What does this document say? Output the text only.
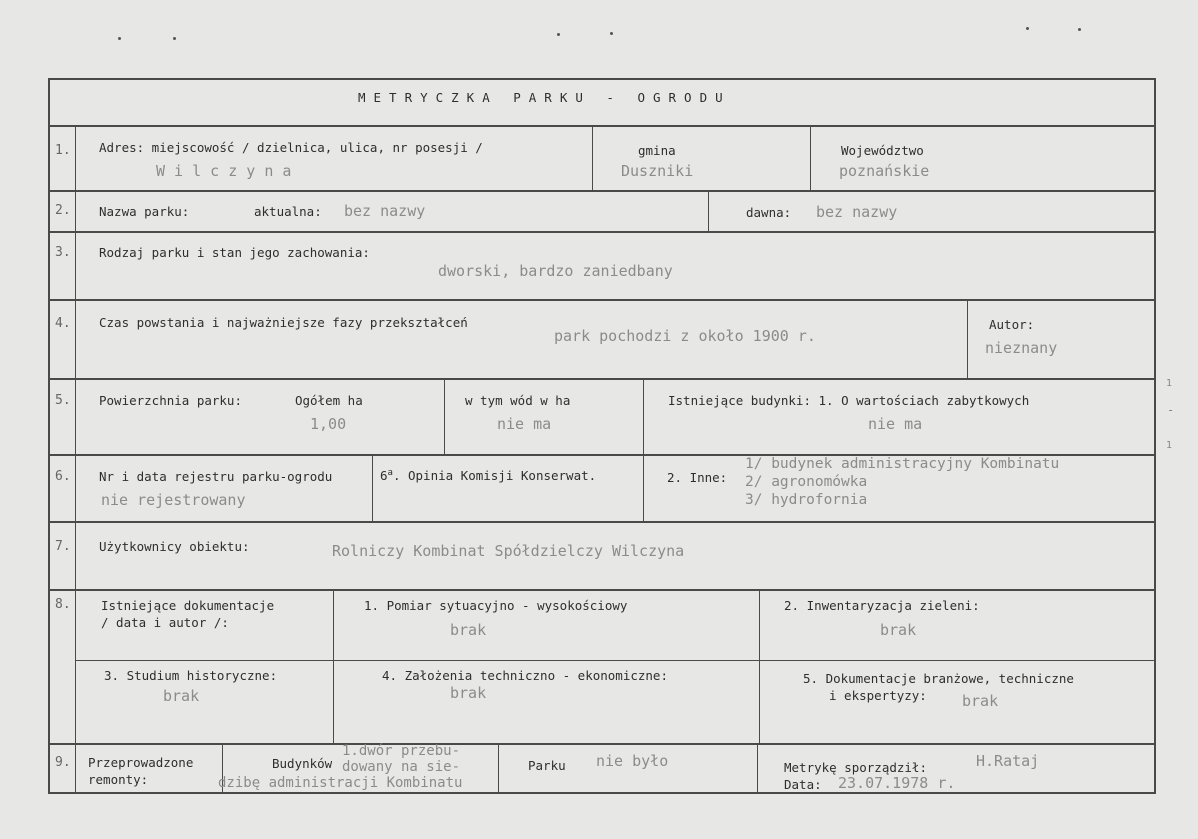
METRYCZKA PARKU - OGRODU
1. Adres: miejscowość / dzielnica, ulica, nr posesji /
W i l c z y n a
gmina
Duszniki
Województwo
poznańskie
2. Nazwa parku:	aktualna: bez nazwy	dawna: bez nazwy
3. Rodzaj parku i stan jego zachowania:
dworski, bardzo zaniedbany
4. Czas powstania i najważniejsze fazy przekształceń
park pochodzi z około 1900 r.
Autor:
nieznany
5. Powierzchnia parku:	Ogółem ha
1,00
w tym wód w ha
nie ma
Istniejące budynki: 1. O wartościach zabytkowych
nie ma
6. Nr i data rejestru parku-ogrodu
nie rejestrowany
6$^a$. Opinia Komisji Konserwat.	2. Inne:
1/ budynek administracyjny Kombinatu
2/ agronomówka
3/ hydrofornia
7. Użytkownicy obiektu:	Rolniczy Kombinat Spółdzielczy Wilczyna
8. Istniejące dokumentacje
/ data i autor /:
1. Pomiar sytuacyjno - wysokościowy
brak
2. Inwentaryzacja zieleni:
brak
3. Studium historyczne:
brak
4. Założenia techniczno - ekonomiczne:
brak
5. Dokumentacje branżowe, techniczne
i ekspertyzy: brak
9. Przeprowadzone
remonty:
Budynków
1.dwór przebu-
dowany na sie-
dzibę administracji Kombinatu
Parku nie było	Metrykę sporządził:	H.Rataj
Data: 23.07.1978 r.
1
-
1
